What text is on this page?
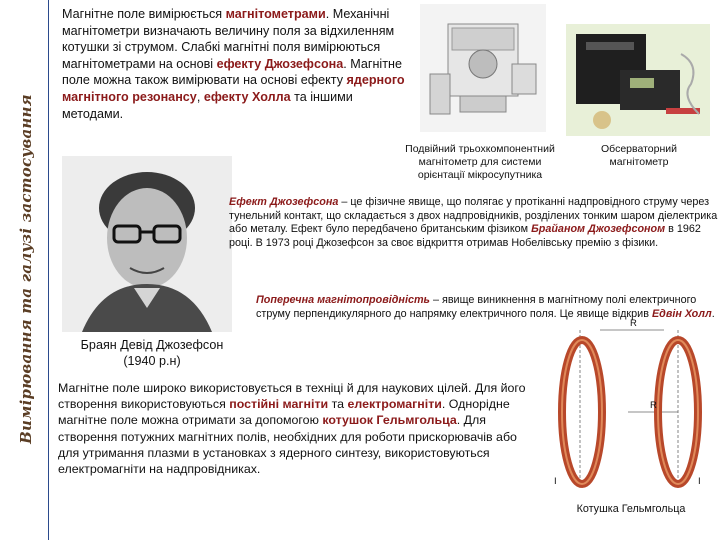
Вимірювання та галузі застосування

Магнітне поле вимірюється магнітометрами. Механічні магнітометри визначають величину поля за відхиленням котушки зі струмом. Слабкі магнітні поля вимірюються магнітометрами на основі ефекту Джозефсона. Магнітне поле можна також вимірювати на основі ефекту ядерного магнітного резонансу, ефекту Холла та іншими методами.

Подвійний трьохкомпонентний магнітометр для системи орієнтації мікросупутника
Обсерваторний магнітометр
Браян Девід Джозефсон
(1940 р.н)

Ефект Джозефсона – це фізичне явище, що полягає у протіканні надпровідного струму через тунельний контакт, що складається з двох надпровідників, розділених тонким шаром діелектрика або металу. Ефект було передбачено британським фізиком Брайаном Джозефсоном в 1962 році. В 1973 році Джозефсон за своє відкриття отримав Нобелівську премію з фізики.

Поперечна магнітопровідність – явище виникнення в магнітному полі електричного струму перпендикулярного до напрямку електричного поля. Це явище відкрив Едвін Холл.

R
R
I	I
Котушка Гельмгольца

Магнітне поле широко використовується в техніці й для наукових цілей. Для його створення використовуються постійні магніти та електромагніти. Однорідне магнітне поле можна отримати за допомогою котушок Гельмгольца. Для створення потужних магнітних полів, необхідних для роботи прискорювачів або для утримання плазми в установках з ядерного синтезу, використовуються електромагніти на надпровідниках.
